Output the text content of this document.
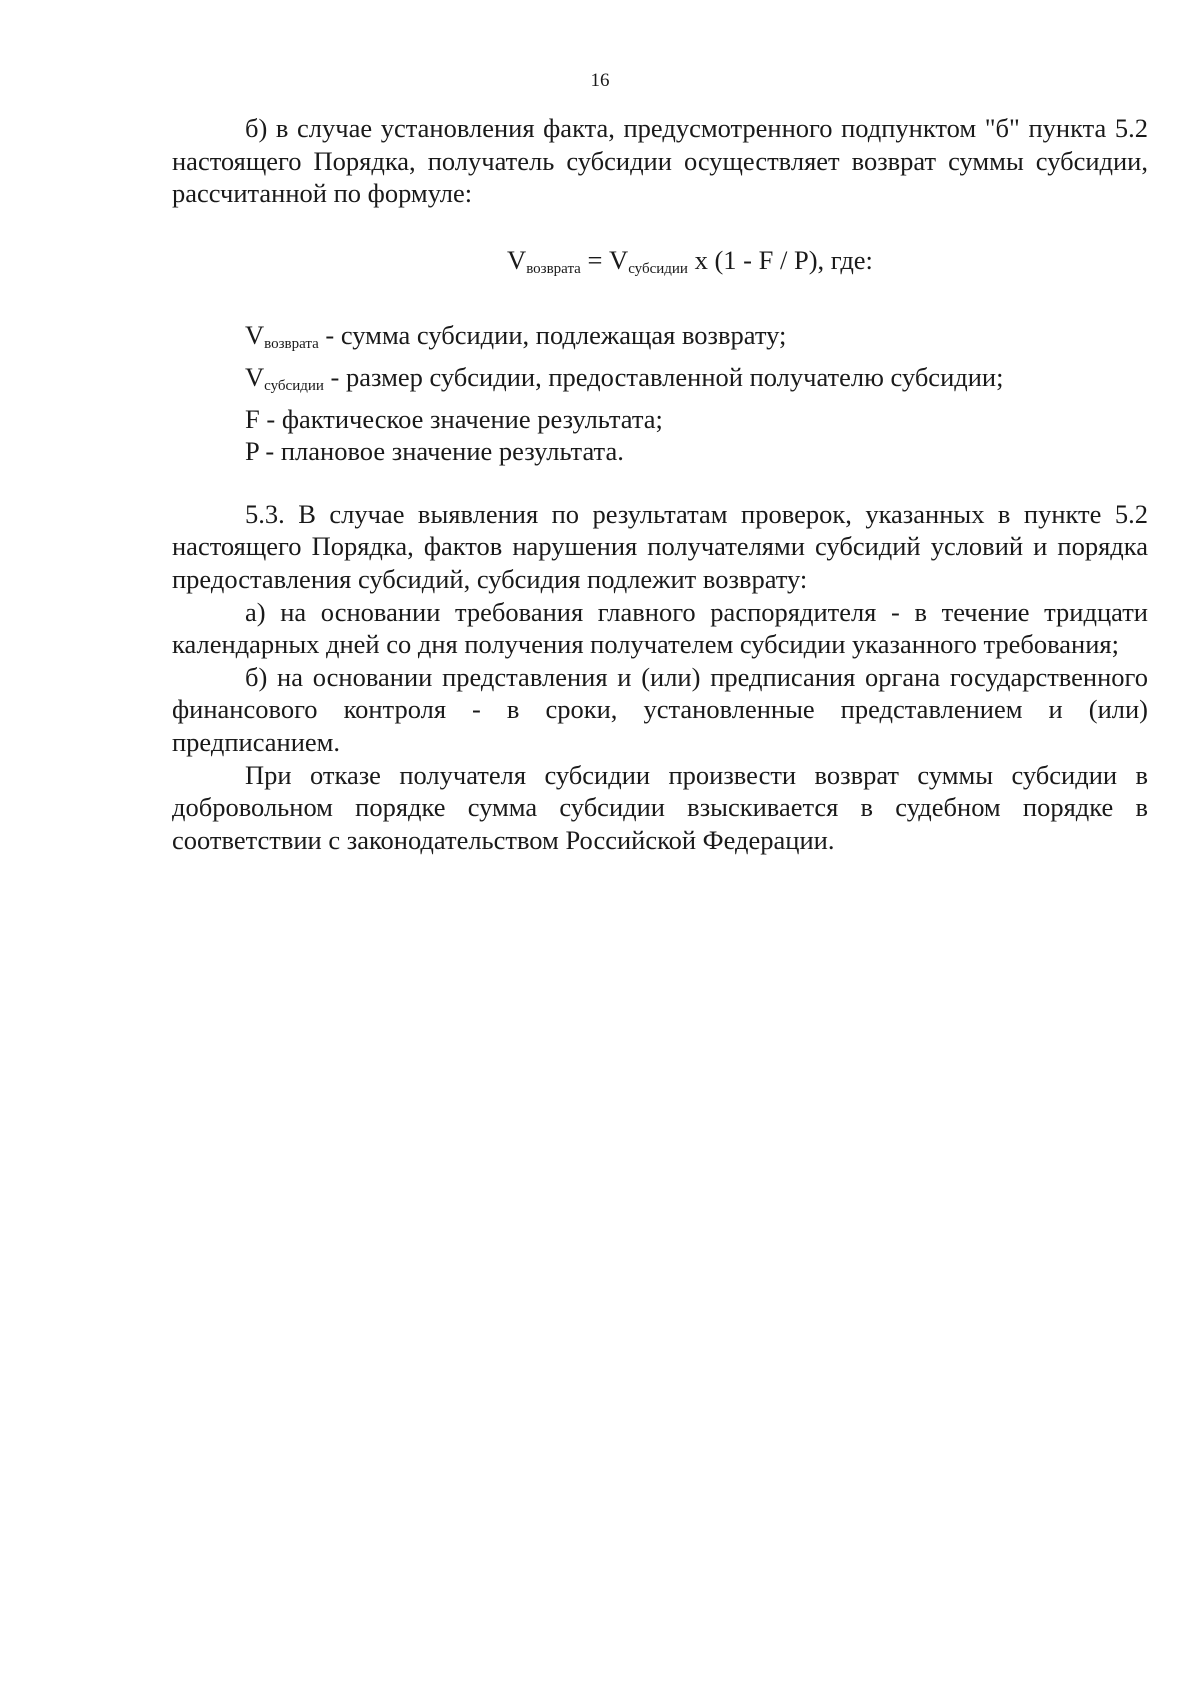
16

б) в случае установления факта, предусмотренного подпунктом "б" пункта 5.2 настоящего Порядка, получатель субсидии осуществляет возврат суммы субсидии, рассчитанной по формуле:

$V_{возврата} = V_{субсидии}$ x (1 - F / P), где:

$V_{возврата}$ - сумма субсидии, подлежащая возврату;

$V_{субсидии}$ - размер субсидии, предоставленной получателю субсидии;

F - фактическое значение результата;

P - плановое значение результата.

5.3. В случае выявления по результатам проверок, указанных в пункте 5.2 настоящего Порядка, фактов нарушения получателями субсидий условий и порядка предоставления субсидий, субсидия подлежит возврату:

а) на основании требования главного распорядителя - в течение тридцати календарных дней со дня получения получателем субсидии указанного требования;

б) на основании представления и (или) предписания органа государственного финансового контроля - в сроки, установленные представлением и (или) предписанием.

При отказе получателя субсидии произвести возврат суммы субсидии в добровольном порядке сумма субсидии взыскивается в судебном порядке в соответствии с законодательством Российской Федерации.
